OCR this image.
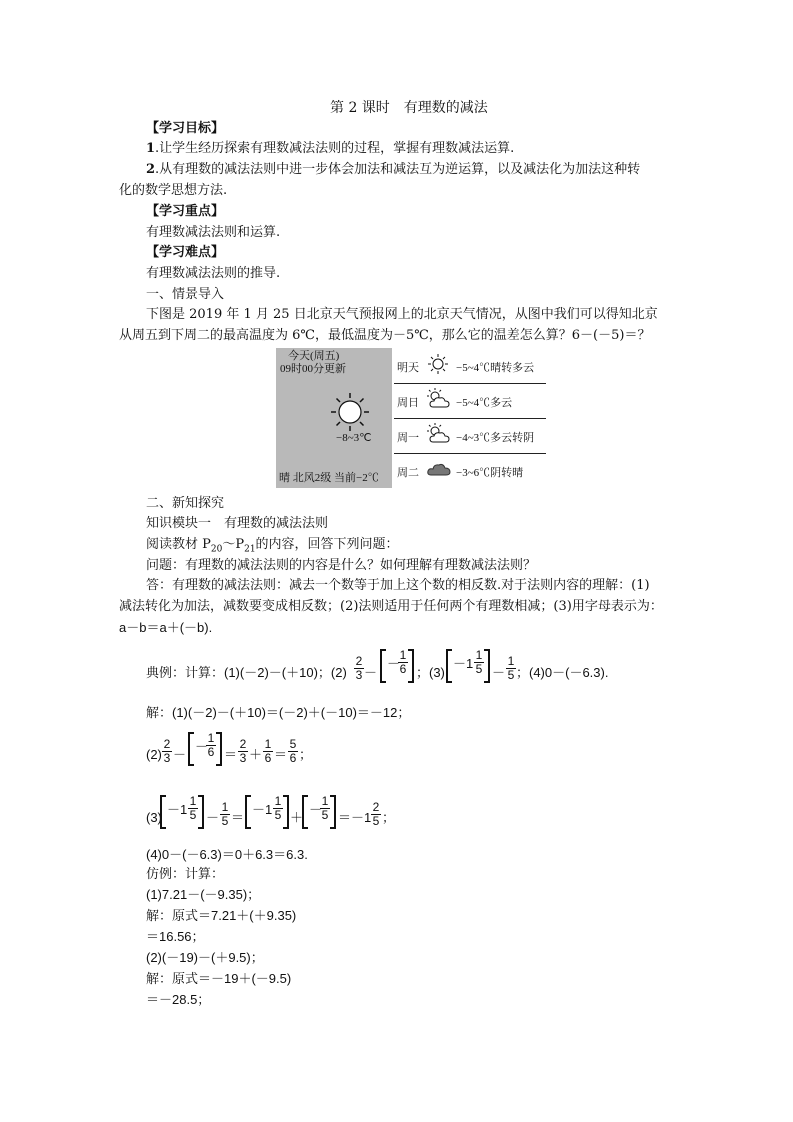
第 2 课时　有理数的减法
【学习目标】
1.让学生经历探索有理数减法法则的过程，掌握有理数减法运算.
2.从有理数的减法法则中进一步体会加法和减法互为逆运算，以及减法化为加法这种转
化的数学思想方法.
【学习重点】
有理数减法法则和运算.
【学习难点】
有理数减法法则的推导.
一、情景导入
下图是 2019 年 1 月 25 日北京天气预报网上的北京天气情况，从图中我们可以得知北京
从周五到下周二的最高温度为 6℃，最低温度为－5℃，那么它的温差怎么算？6－(－5)＝？
今天(周五)
09时00分更新
−8~3℃
晴 北风2级 当前−2℃
明天	−5~4℃晴转多云
周日	−5~4℃多云
周一	−4~3℃多云转阴
周二	−3~6℃阴转晴
二、新知探究
知识模块一　有理数的减法法则
阅读教材 $P_{20}\sim P_{21}$的内容，回答下列问题：
问题：有理数的减法法则的内容是什么？如何理解有理数减法法则？
答：有理数的减法法则：减去一个数等于加上这个数的相反数.对于法则内容的理解：(1)
减法转化为加法，减数要变成相反数；(2)法则适用于任何两个有理数相减；(3)用字母表示为：
a－b＝a＋(－b).
典例：计算：(1)(－2)－(＋10)；$(2) \frac{2}{3}$ －
－
$\frac{1}{6}$ ；(3)
－ $1 \frac{1}{5} - \frac{1}{5}$ ；(4)0－(－6.3).
解：(1)(－2)－(＋10)＝(－2)＋(－10)＝－12；
$(2) \frac{2}{3}$ －
－
$\frac{1}{6} = \frac{2}{3} + \frac{1}{6} = \frac{5}{6}$ ；
(3)
－ $1 \frac{1}{5} - \frac{1}{5}$ ＝
－ $1 \frac{1}{5}$ ＋
－
$\frac{1}{5} =-1 \frac{2}{5}$ ；
(4)0－(－6.3)＝0＋6.3＝6.3.
仿例：计算：
(1)7.21－(－9.35)；
解：原式＝7.21＋(＋9.35)
＝16.56；
(2)(－19)－(＋9.5)；
解：原式＝－19＋(－9.5)
＝－28.5；
